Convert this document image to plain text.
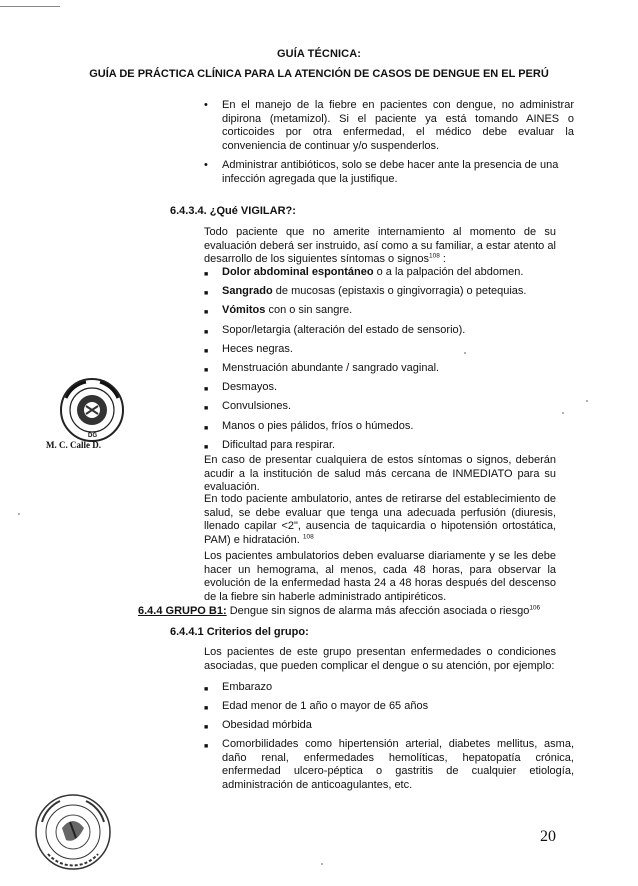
GUÍA TÉCNICA:
GUÍA DE PRÁCTICA CLÍNICA PARA LA ATENCIÓN DE CASOS DE DENGUE EN EL PERÚ
• En el manejo de la fiebre en pacientes con dengue, no administrar dipirona (metamizol). Si el paciente ya está tomando AINES o corticoides por otra enfermedad, el médico debe evaluar la conveniencia de continuar y/o suspenderlos.
• Administrar antibióticos, solo se debe hacer ante la presencia de una infección agregada que la justifique.
6.4.3.4. ¿Qué VIGILAR?:
Todo paciente que no amerite internamiento al momento de su evaluación deberá ser instruido, así como a su familiar, a estar atento al desarrollo de los siguientes síntomas o signos$^{108}$ :
■ Dolor abdominal espontáneo o a la palpación del abdomen.
■ Sangrado de mucosas (epistaxis o gingivorragia) o petequias.
■ Vómitos con o sin sangre.
■ Sopor/letargia (alteración del estado de sensorio).
■ Heces negras.
■ Menstruación abundante / sangrado vaginal.
■ Desmayos.
■ Convulsiones.
■ Manos o pies pálidos, fríos o húmedos.
■ Dificultad para respirar.
En caso de presentar cualquiera de estos síntomas o signos, deberán acudir a la institución de salud más cercana de INMEDIATO para su evaluación.
En todo paciente ambulatorio, antes de retirarse del establecimiento de salud, se debe evaluar que tenga una adecuada perfusión (diuresis, llenado capilar <2", ausencia de taquicardia o hipotensión ortostática, PAM) e hidratación. $^{108}$
Los pacientes ambulatorios deben evaluarse diariamente y se les debe hacer un hemograma, al menos, cada 48 horas, para observar la evolución de la enfermedad hasta 24 a 48 horas después del descenso de la fiebre sin haberle administrado antipiréticos.
6.4.4 GRUPO B1: Dengue sin signos de alarma más afección asociada o riesgo$^{106}$
6.4.4.1 Criterios del grupo:
Los pacientes de este grupo presentan enfermedades o condiciones asociadas, que pueden complicar el dengue o su atención, por ejemplo:
■ Embarazo
■ Edad menor de 1 año o mayor de 65 años
■ Obesidad mórbida
■ Comorbilidades como hipertensión arterial, diabetes mellitus, asma, daño renal, enfermedades hemolíticas, hepatopatía crónica, enfermedad ulcero-péptica o gastritis de cualquier etiología, administración de anticoagulantes, etc.
DG
M. C. Calle D.
20
